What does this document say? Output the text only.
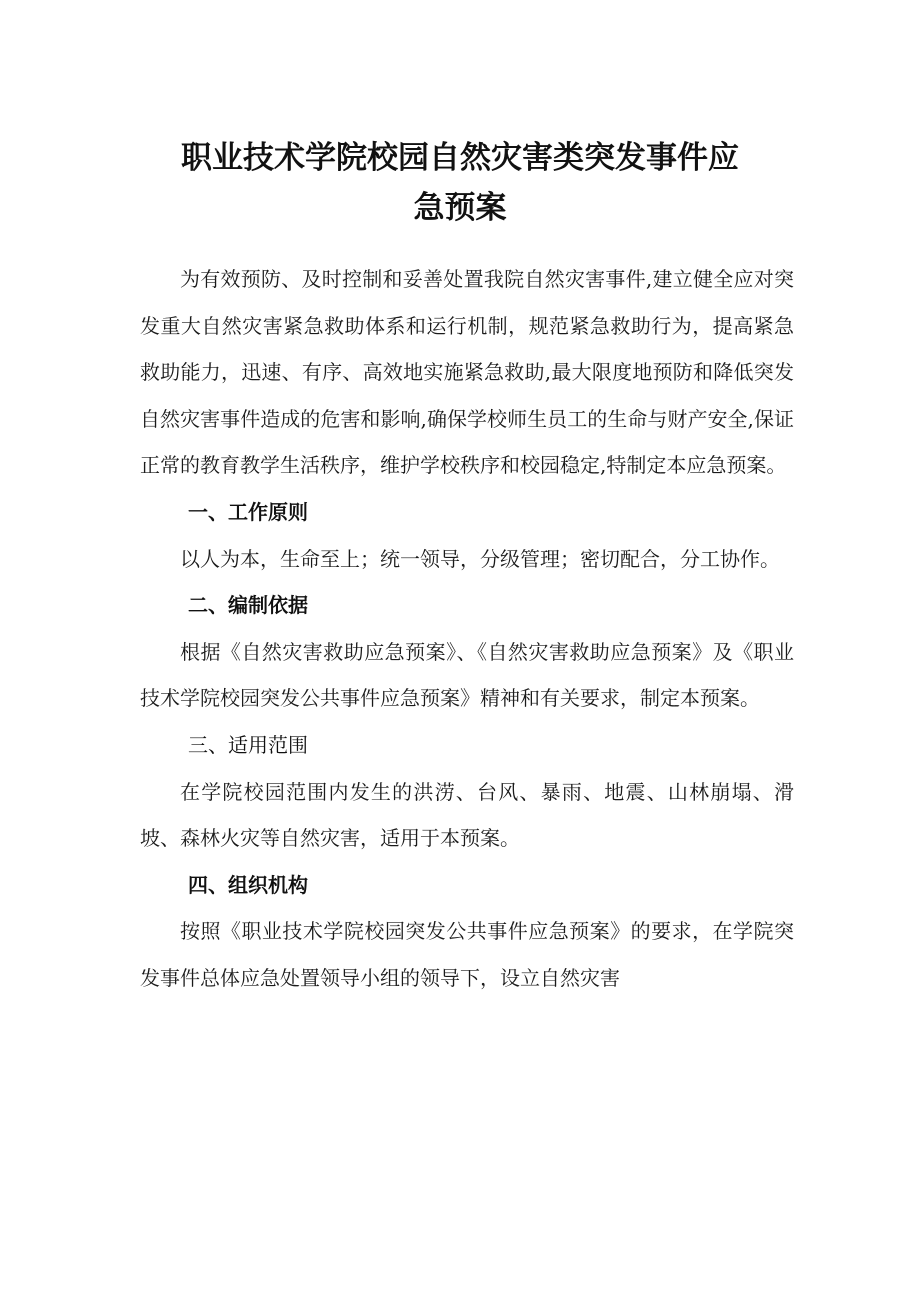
职业技术学院校园自然灾害类突发事件应
急预案

为有效预防、及时控制和妥善处置我院自然灾害事件,建立健全应对突发重大自然灾害紧急救助体系和运行机制，规范紧急救助行为，提高紧急救助能力，迅速、有序、高效地实施紧急救助,最大限度地预防和降低突发自然灾害事件造成的危害和影响,确保学校师生员工的生命与财产安全,保证正常的教育教学生活秩序，维护学校秩序和校园稳定,特制定本应急预案。

一、工作原则

以人为本，生命至上；统一领导，分级管理；密切配合，分工协作。

二、编制依据

根据《自然灾害救助应急预案》、《自然灾害救助应急预案》及《职业技术学院校园突发公共事件应急预案》精神和有关要求，制定本预案。

三、适用范围

在学院校园范围内发生的洪涝、台风、暴雨、地震、山林崩塌、滑坡、森林火灾等自然灾害，适用于本预案。

四、组织机构

按照《职业技术学院校园突发公共事件应急预案》的要求，在学院突发事件总体应急处置领导小组的领导下，设立自然灾害
